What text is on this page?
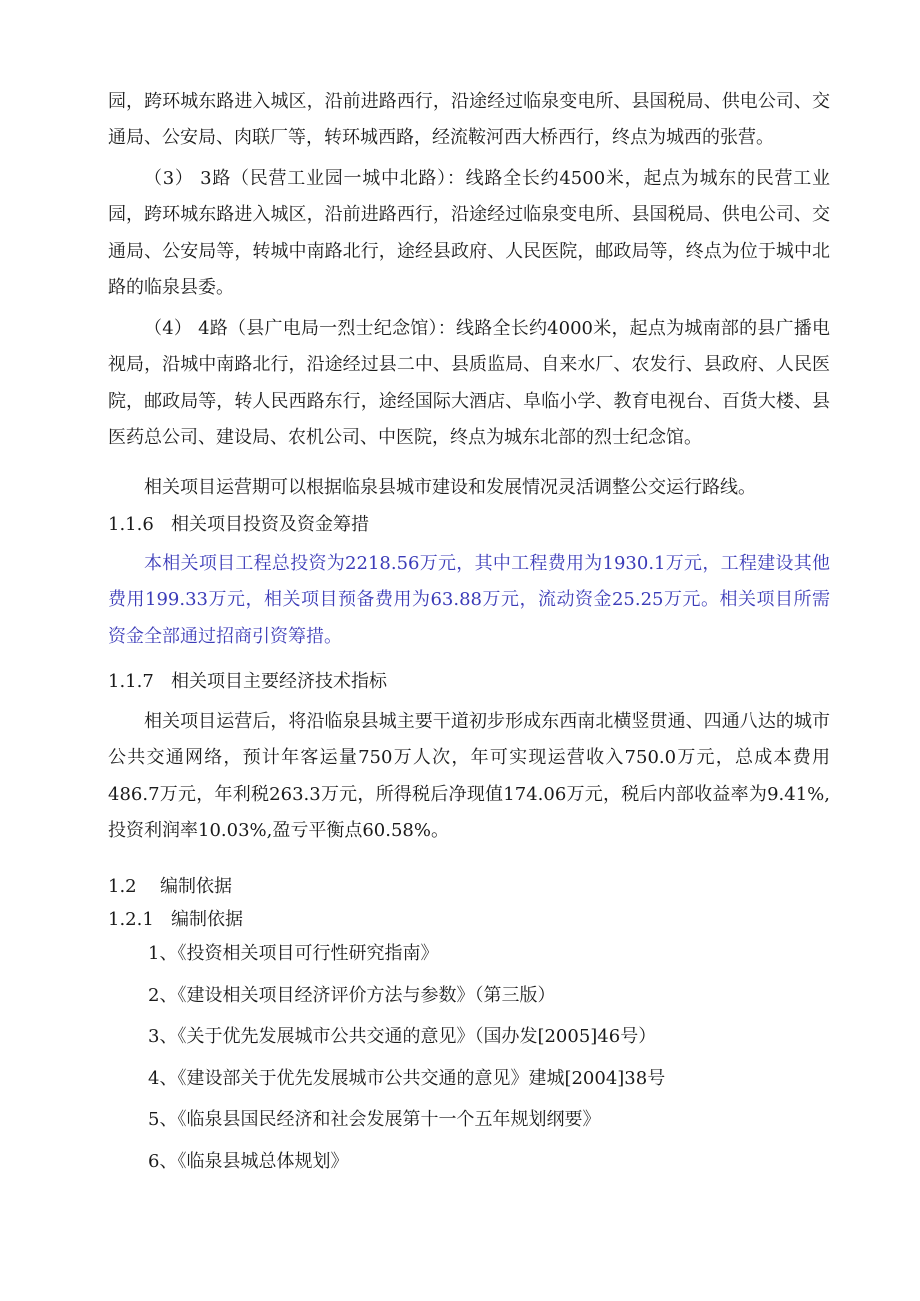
园，跨环城东路进入城区，沿前进路西行，沿途经过临泉变电所、县国税局、供电公司、交通局、公安局、肉联厂等，转环城西路，经流鞍河西大桥西行，终点为城西的张营。

（3） 3路（民营工业园一城中北路）：线路全长约4500米，起点为城东的民营工业园，跨环城东路进入城区，沿前进路西行，沿途经过临泉变电所、县国税局、供电公司、交通局、公安局等，转城中南路北行，途经县政府、人民医院，邮政局等，终点为位于城中北路的临泉县委。

（4） 4路（县广电局一烈士纪念馆）：线路全长约4000米，起点为城南部的县广播电视局，沿城中南路北行，沿途经过县二中、县质监局、自来水厂、农发行、县政府、人民医院，邮政局等，转人民西路东行，途经国际大酒店、阜临小学、教育电视台、百货大楼、县医药总公司、建设局、农机公司、中医院，终点为城东北部的烈士纪念馆。

相关项目运营期可以根据临泉县城市建设和发展情况灵活调整公交运行路线。

1.1.6 相关项目投资及资金筹措

本相关项目工程总投资为2218.56万元，其中工程费用为1930.1万元，工程建设其他费用199.33万元，相关项目预备费用为63.88万元，流动资金25.25万元。相关项目所需资金全部通过招商引资筹措。

1.1.7 相关项目主要经济技术指标

相关项目运营后，将沿临泉县城主要干道初步形成东西南北横竖贯通、四通八达的城市公共交通网络，预计年客运量750万人次，年可实现运营收入750.0万元，总成本费用486.7万元，年利税263.3万元，所得税后净现值174.06万元，税后内部收益率为9.41%,投资利润率10.03%,盈亏平衡点60.58%。

1.2 编制依据
1.2.1 编制依据
1、《投资相关项目可行性研究指南》
2、《建设相关项目经济评价方法与参数》（第三版）
3、《关于优先发展城市公共交通的意见》（国办发[2005]46号）
4、《建设部关于优先发展城市公共交通的意见》建城[2004]38号
5、《临泉县国民经济和社会发展第十一个五年规划纲要》
6、《临泉县城总体规划》
